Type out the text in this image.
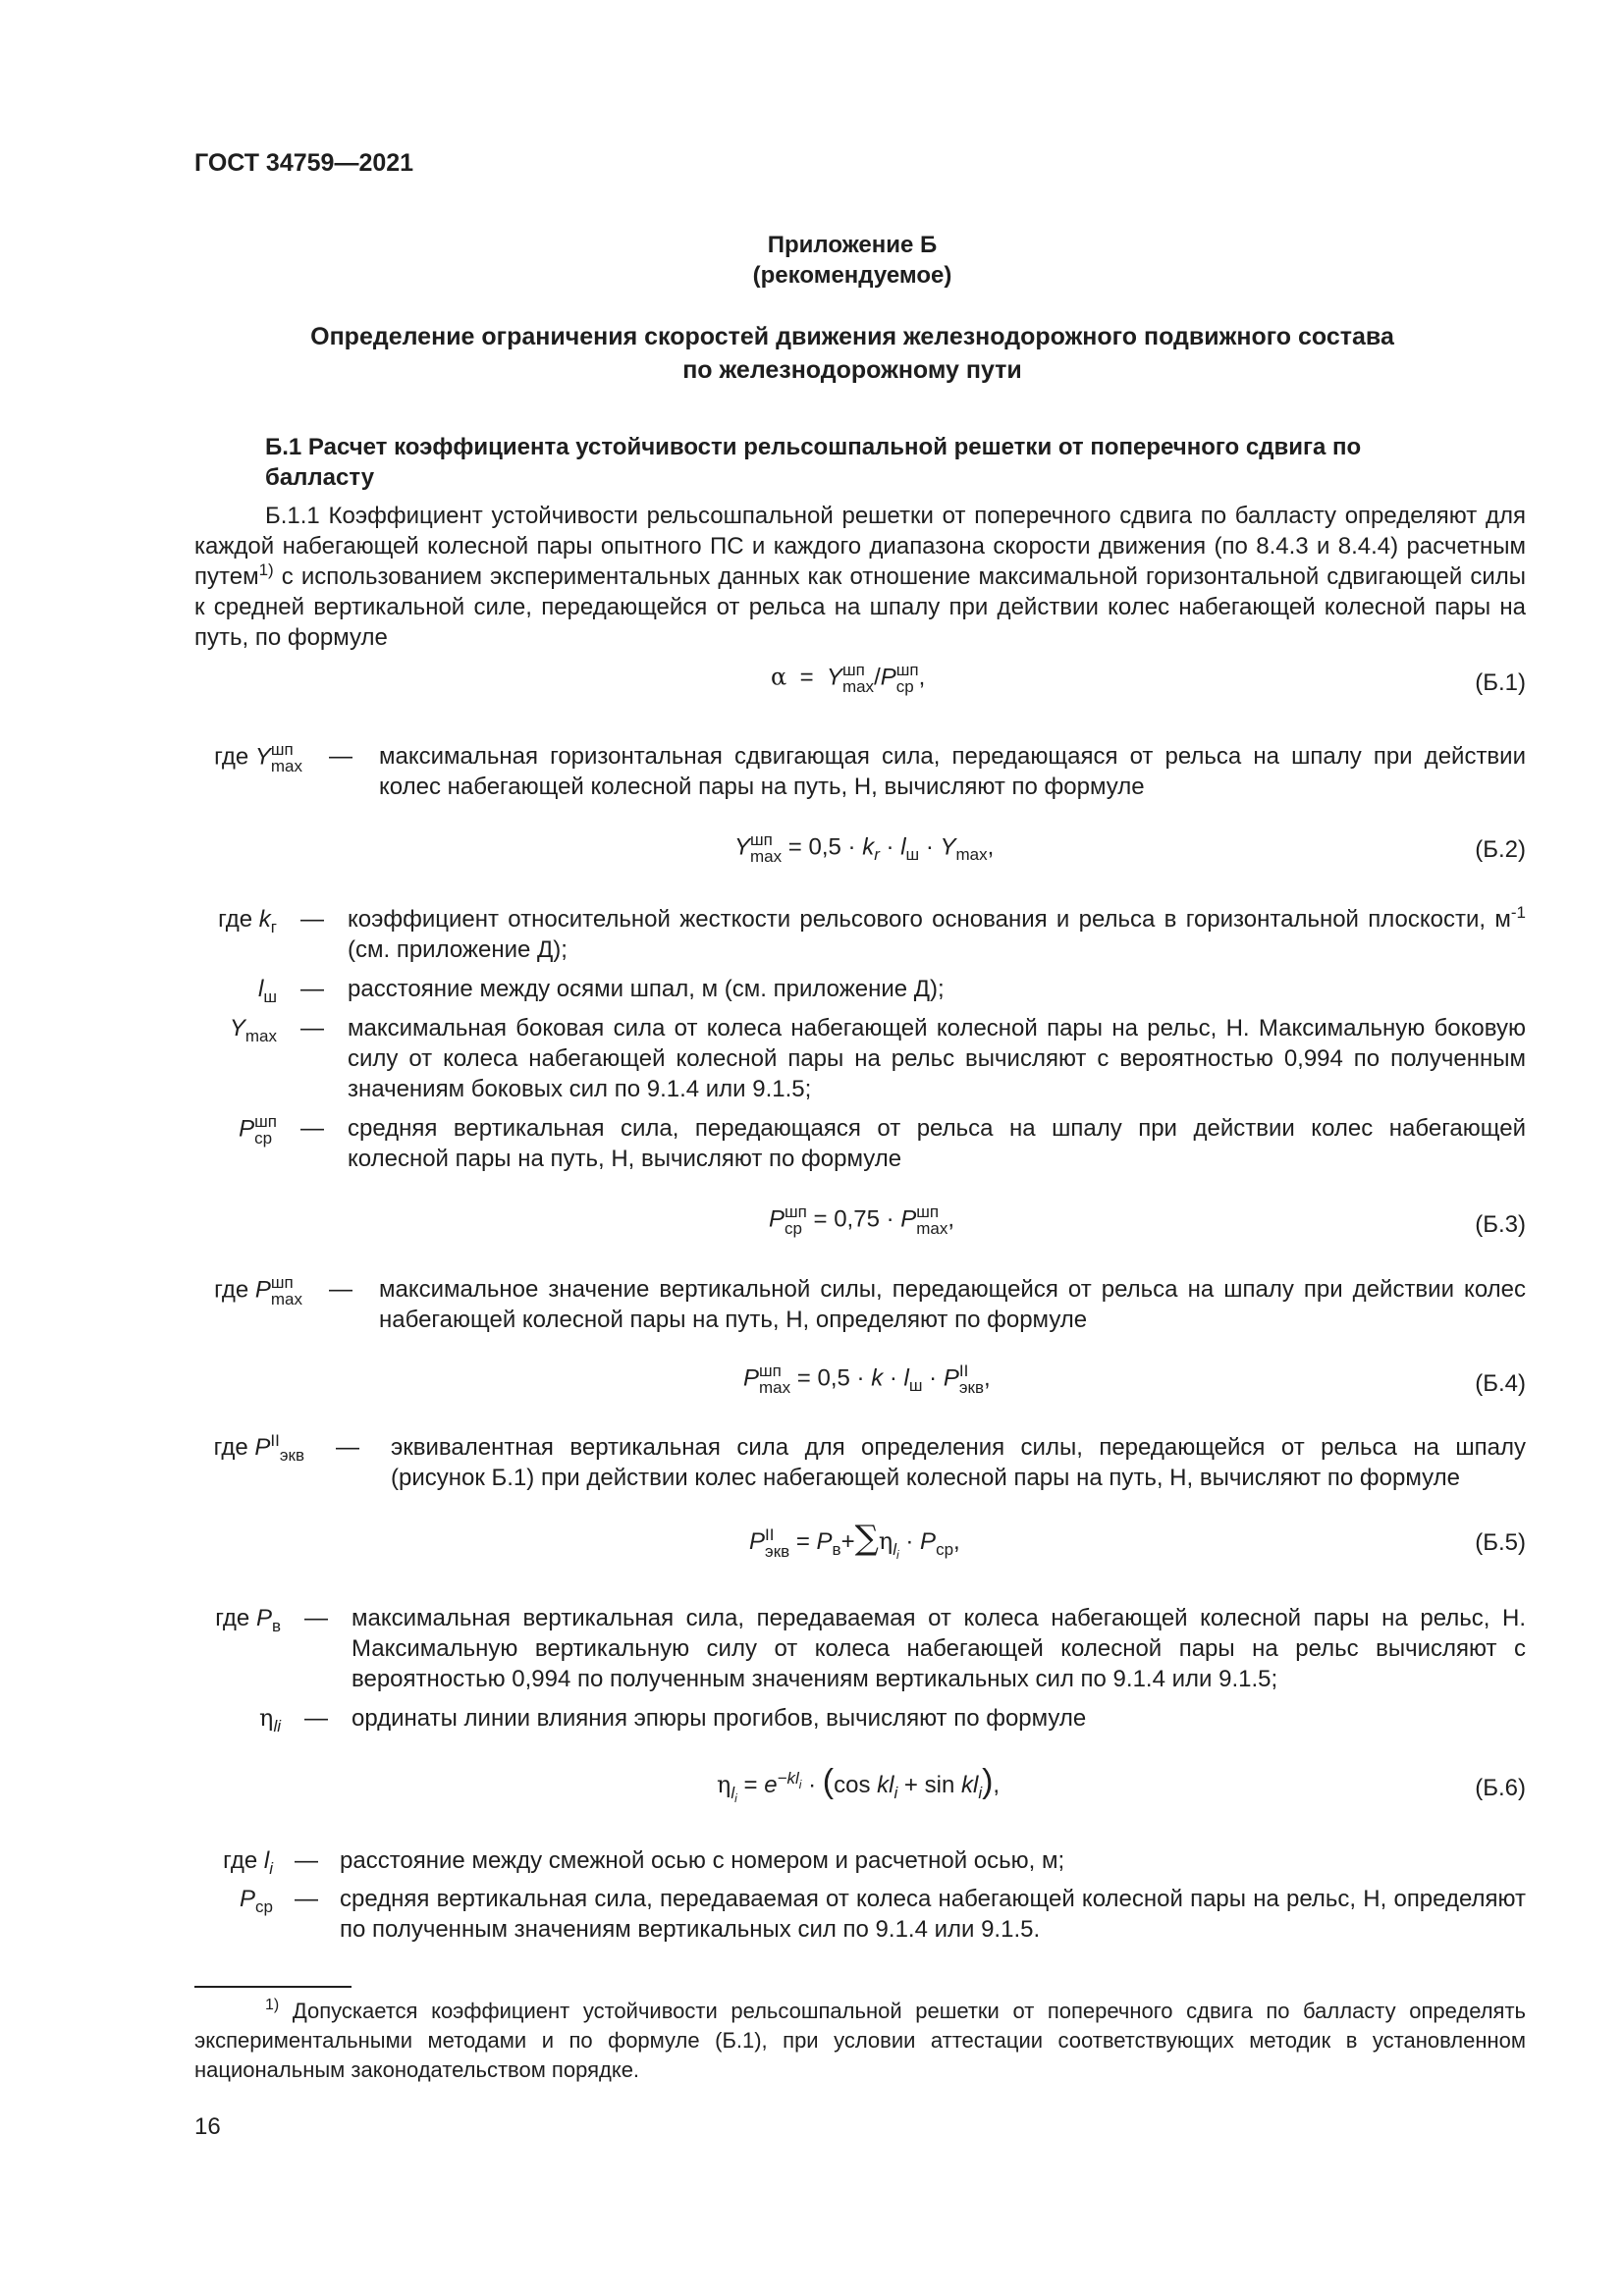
ГОСТ 34759—2021
Приложение Б
(рекомендуемое)
Определение ограничения скоростей движения железнодорожного подвижного состава
по железнодорожному пути
Б.1 Расчет коэффициента устойчивости рельсошпальной решетки от поперечного сдвига по
балласту
Б.1.1 Коэффициент устойчивости рельсошпальной решетки от поперечного сдвига по балласту определяют для каждой набегающей колесной пары опытного ПС и каждого диапазона скорости движения (по 8.4.3 и 8.4.4) расчетным путем$^{1)}$ с использованием экспериментальных данных как отношение максимальной горизонтальной сдвигающей силы к средней вертикальной силе, передающейся от рельса на шпалу при действии колес набегающей колесной пары на путь, по формуле
α = Y шп
max /P шп
ср ,	(Б.1)
где Y шп
max	—	максимальная горизонтальная сдвигающая сила, передающаяся от рельса на шпалу при действии колес набегающей колесной пары на путь, Н, вычисляют по формуле
Y шп
$\max = 0,5 \cdot k_r \cdot l_ш \cdot Y_{max}$,	(Б.2)
где $k_г$	—	коэффициент относительной жесткости рельсового основания и рельса в горизонтальной плоскости, $м^{-1}$ (см. приложение Д);
$l_ш$	—	расстояние между осями шпал, м (см. приложение Д);
$Y_{max}$	—	максимальная боковая сила от колеса набегающей колесной пары на рельс, Н. Максимальную боковую силу от колеса набегающей колесной пары на рельс вычисляют с вероятностью 0,994 по полученным значениям боковых сил по 9.1.4 или 9.1.5;
P шп
ср	—	средняя вертикальная сила, передающаяся от рельса на шпалу при действии колес набегающей колесной пары на путь, Н, вычисляют по формуле
P шп
ср = 0,75 · P шп
max ,	(Б.3)
где P шп
max	—	максимальное значение вертикальной силы, передающейся от рельса на шпалу при действии колес набегающей колесной пары на путь, Н, определяют по формуле
P шп
$\max = 0,5 \cdot k \cdot l_ш \cdot P$ II
экв ,	(Б.4)
где $P^{II}_{экв}$	—	эквивалентная вертикальная сила для определения силы, передающейся от рельса на шпалу (рисунок Б.1) при действии колес набегающей колесной пары на путь, Н, вычисляют по формуле
P II
экв = $P_в+\sum\eta_{li} \cdot P_{ср}$,	(Б.5)
где $P_в$	—	максимальная вертикальная сила, передаваемая от колеса набегающей колесной пары на рельс, Н. Максимальную вертикальную силу от колеса набегающей колесной пары на рельс вычисляют с вероятностью 0,994 по полученным значениям вертикальных сил по 9.1.4 или 9.1.5;
$\eta_{li}$	—	ординаты линии влияния эпюры прогибов, вычисляют по формуле
$\eta_{li} = e^{-kli} \cdot (\cos$ $kl_i + \sin kl_i$),	(Б.6)
где $l_i$ — расстояние между смежной осью с номером и расчетной осью, м;
$P_{ср}$ — средняя вертикальная сила, передаваемая от колеса набегающей колесной пары на рельс, Н, определяют по полученным значениям вертикальных сил по 9.1.4 или 9.1.5.
$^{1)}$ Допускается коэффициент устойчивости рельсошпальной решетки от поперечного сдвига по балласту определять экспериментальными методами и по формуле (Б.1), при условии аттестации соответствующих методик в установленном национальным законодательством порядке.
16
